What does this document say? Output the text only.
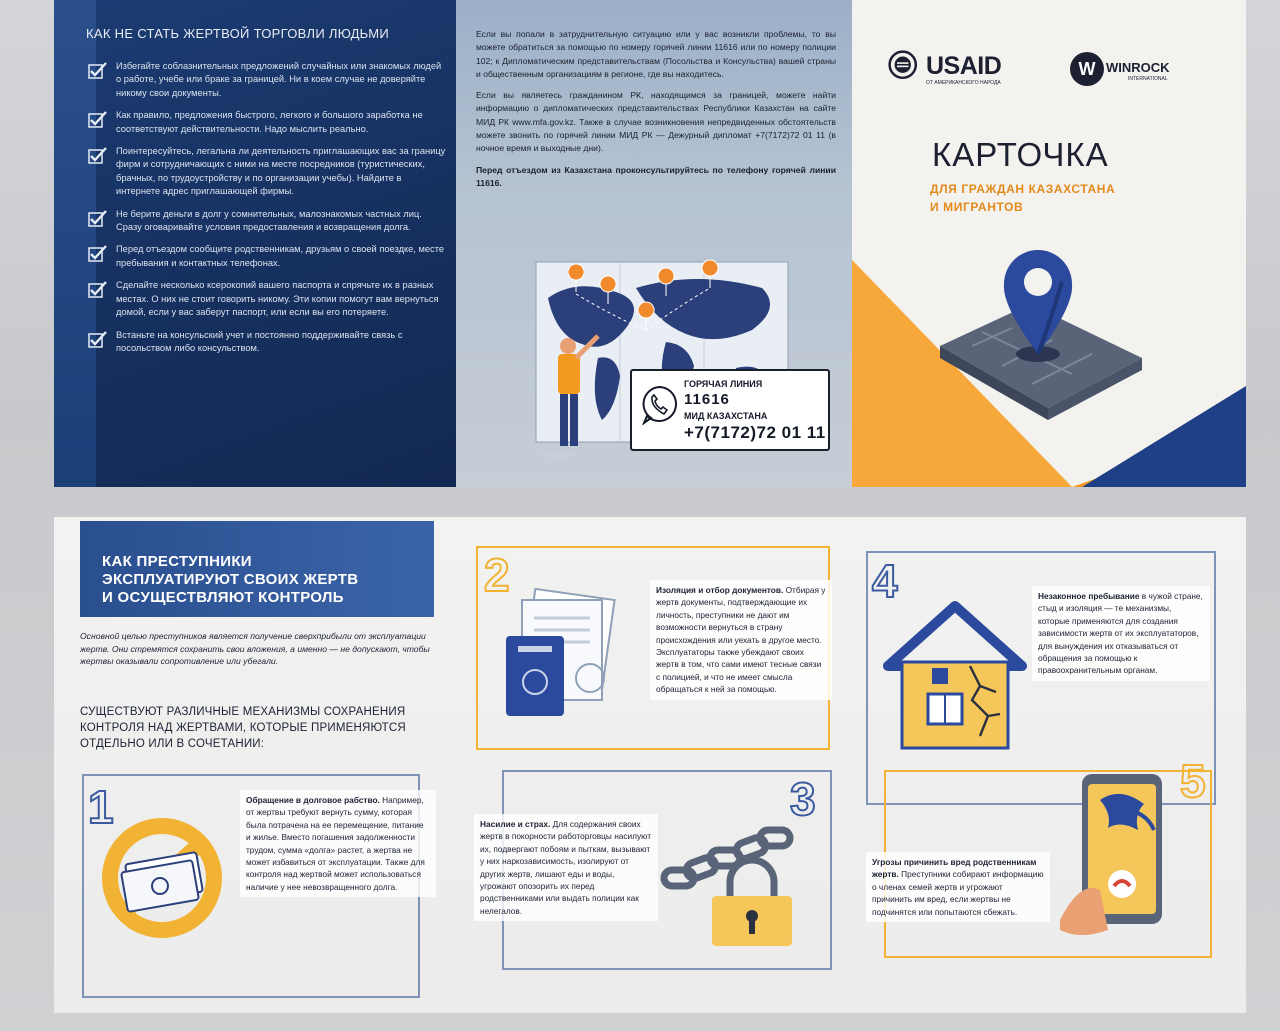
КАК НЕ СТАТЬ ЖЕРТВОЙ ТОРГОВЛИ ЛЮДЬМИ
Избегайте соблазнительных предложений случайных или знакомых людей о работе, учебе или браке за границей. Ни в коем случае не доверяйте никому свои документы.
Как правило, предложения быстрого, легкого и большого заработка не соответствуют действительности. Надо мыслить реально.
Поинтересуйтесь, легальна ли деятельность приглашающих вас за границу фирм и сотрудничающих с ними на месте посредников (туристических, брачных, по трудоустройству и по организации учебы). Найдите в интернете адрес приглашающей фирмы.
Не берите деньги в долг у сомнительных, малознакомых частных лиц. Сразу оговаривайте условия предоставления и возвращения долга.
Перед отъездом сообщите родственникам, друзьям о своей поездке, месте пребывания и контактных телефонах.
Сделайте несколько ксерокопий вашего паспорта и спрячьте их в разных местах. О них не стоит говорить никому. Эти копии помогут вам вернуться домой, если у вас заберут паспорт, или если вы его потеряете.
Встаньте на консульский учет и постоянно поддерживайте связь с посольством либо консульством.

Если вы попали в затруднительную ситуацию или у вас возникли проблемы, то вы можете обратиться за помощью по номеру горячей линии 11616 или по номеру полиции 102; к Дипломатическим представительствам (Посольства и Консульства) вашей страны и общественным организациям в регионе, где вы находитесь.

Если вы являетесь гражданином РК, находящимся за границей, можете найти информацию о дипломатических представительствах Республики Казахстан на сайте МИД РК www.mfa.gov.kz. Также в случае возникновения непредвиденных обстоятельств можете звонить по горячей линии МИД РК — Дежурный дипломат +7(7172)72 01 11 (в ночное время и выходные дни).

Перед отъездом из Казахстана проконсультируйтесь по телефону горячей линии 11616.

ГОРЯЧАЯ ЛИНИЯ
11616
МИД КАЗАХСТАНА
+7(7172)72 01 11
USAID
ОТ АМЕРИКАНСКОГО НАРОДА
W WINROCK
INTERNATIONAL
КАРТОЧКА
ДЛЯ ГРАЖДАН КАЗАХСТАНА
И МИГРАНТОВ
КАК ПРЕСТУПНИКИ
ЭКСПЛУАТИРУЮТ СВОИХ ЖЕРТВ
И ОСУЩЕСТВЛЯЮТ КОНТРОЛЬ
Основной целью преступников является получение сверхприбыли от эксплуатации жертв. Они стремятся сохранить свои вложения, а именно — не допускают, чтобы жертвы оказывали сопротивление или убегали.
СУЩЕСТВУЮТ РАЗЛИЧНЫЕ МЕХАНИЗМЫ СОХРАНЕНИЯ КОНТРОЛЯ НАД ЖЕРТВАМИ, КОТОРЫЕ ПРИМЕНЯЮТСЯ ОТДЕЛЬНО ИЛИ В СОЧЕТАНИИ:
1	Обращение в долговое рабство. Например, от жертвы требуют вернуть сумму, которая была потрачена на ее перемещение, питание и жилье. Вместо погашения задолженности трудом, сумма «долга» растет, а жертва не может избавиться от эксплуатации. Также для контроля над жертвой может использоваться наличие у нее невозвращенного долга.
2	Изоляция и отбор документов. Отбирая у жертв документы, подтверждающие их личность, преступники не дают им возможности вернуться в страну происхождения или уехать в другое место. Эксплуататоры также убеждают своих жертв в том, что сами имеют тесные связи с полицией, и что не имеет смысла обращаться к ней за помощью.
3
Насилие и страх. Для содержания своих жертв в покорности работорговцы насилуют их, подвергают побоям и пыткам, вызывают у них наркозависимость, изолируют от других жертв, лишают еды и воды, угрожают опозорить их перед родственниками или выдать полиции как нелегалов.
4	Незаконное пребывание в чужой стране, стыд и изоляция — те механизмы, которые применяются для создания зависимости жертв от их эксплуататоров, для вынуждения их отказываться от обращения за помощью к правоохранительным органам.
5
Угрозы причинить вред родственникам жертв. Преступники собирают информацию о членах семей жертв и угрожают причинить им вред, если жертвы не подчинятся или попытаются сбежать.
